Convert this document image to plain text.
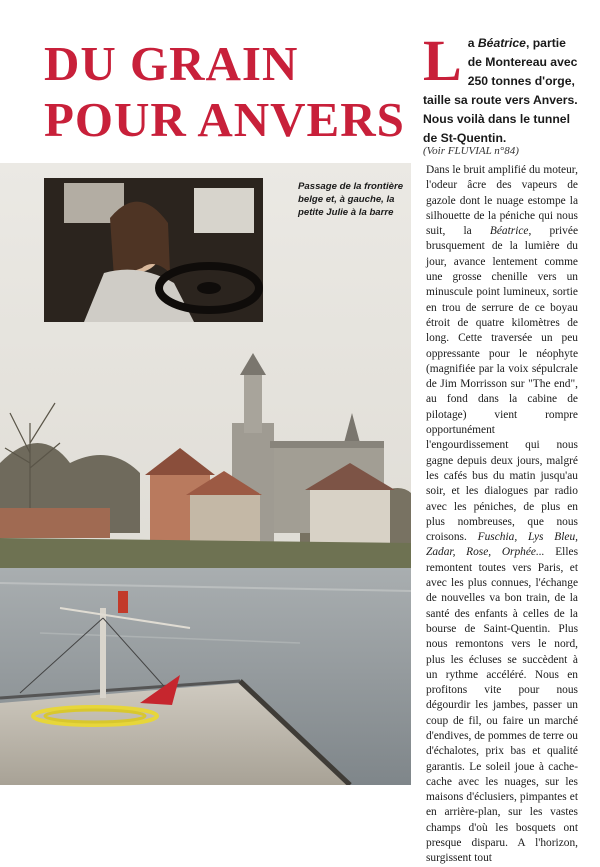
DU GRAIN
POUR ANVERS
La Béatrice, partie de Montereau avec 250 tonnes d'orge, taille sa route vers Anvers. Nous voilà dans le tunnel de St-Quentin.
(Voir FLUVIAL n°84)
Passage de la frontière belge et, à gauche, la petite Julie à la barre
Dans le bruit amplifié du moteur, l'odeur âcre des vapeurs de gazole dont le nuage estompe la silhouette de la péniche qui nous suit, la Béatrice, privée brusquement de la lumière du jour, avance lentement comme une grosse chenille vers un minuscule point lumineux, sortie en trou de serrure de ce boyau étroit de quatre kilomètres de long. Cette traversée un peu oppressante pour le néophyte (magnifiée par la voix sépulcrale de Jim Morrisson sur "The end", au fond dans la cabine de pilotage) vient rompre opportunément l'engourdissement qui nous gagne depuis deux jours, malgré les cafés bus du matin jusqu'au soir, et les dialogues par radio avec les péniches, de plus en plus nombreuses, que nous croisons. Fuschia, Lys Bleu, Zadar, Rose, Orphée... Elles remontent toutes vers Paris, et avec les plus connues, l'échange de nouvelles va bon train, de la santé des enfants à celles de la bourse de Saint-Quentin. Plus nous remontons vers le nord, plus les écluses se succèdent à un rythme accéléré. Nous en profitons vite pour nous dégourdir les jambes, passer un coup de fil, ou faire un marché d'endives, de pommes de terre ou d'échalotes, prix bas et qualité garantis. Le soleil joue à cache-cache avec les nuages, sur les maisons d'éclusiers, pimpantes et en arrière-plan, sur les vastes champs d'où les bosquets ont presque disparu. A l'horizon, surgissent tout
